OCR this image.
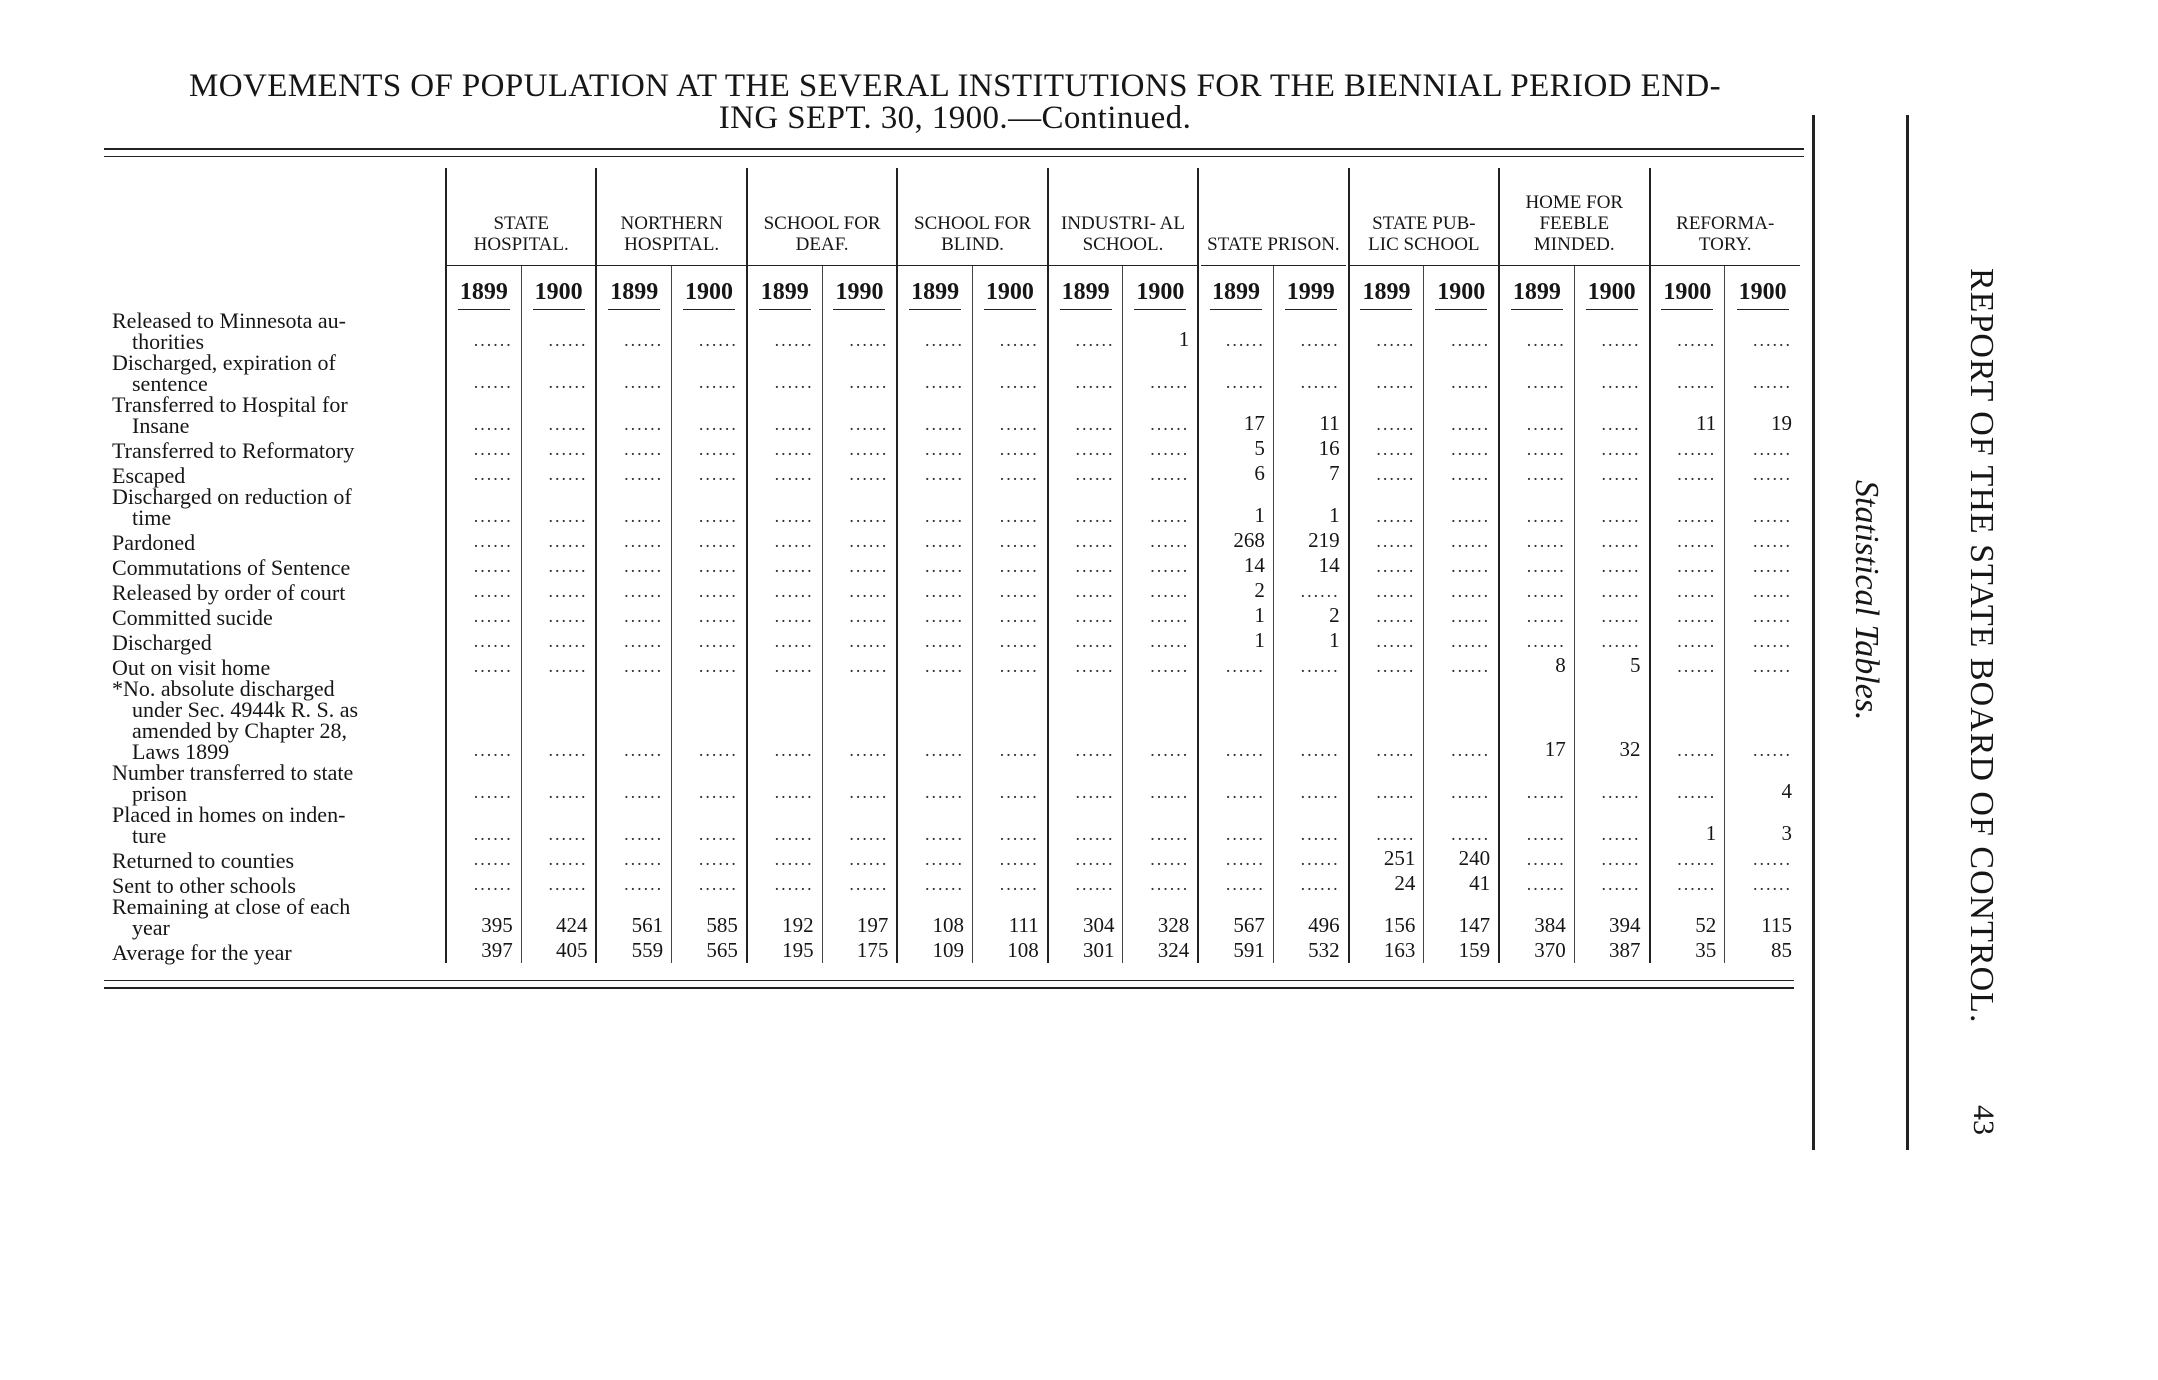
MOVEMENTS OF POPULATION AT THE SEVERAL INSTITUTIONS FOR THE BIENNIAL PERIOD END-
ING SEPT. 30, 1900.—Continued.
	STATE HOSPITAL.		NORTHERN HOSPITAL.		SCHOOL FOR DEAF.		SCHOOL FOR BLIND.		INDUSTRI- AL SCHOOL.		STATE PRISON.		STATE PUB- LIC SCHOOL		HOME FOR FEEBLE MINDED.		REFORMA- TORY.	
	1899	1900	1899	1900	1899	1990	1899	1900	1899	1900	1899	1999	1899	1900	1899	1900	1900	1900

Released to Minnesota au-
thorities	......	......	......	......	......	......	......	......	......	1	......	......	......	......	......	......	......	......

Discharged, expiration of
sentence	......	......	......	......	......	......	......	......	......	......	......	......	......	......	......	......	......	......

Transferred to Hospital for
Insane	......	......	......	......	......	......	......	......	......	......	17	11	......	......	......	......	11	19

Transferred to Reformatory	......	......	......	......	......	......	......	......	......	......	5	16	......	......	......	......	......	......

Escaped	......	......	......	......	......	......	......	......	......	......	6	7	......	......	......	......	......	......

Discharged on reduction of
time	......	......	......	......	......	......	......	......	......	......	1	1	......	......	......	......	......	......

Pardoned	......	......	......	......	......	......	......	......	......	......	268	219	......	......	......	......	......	......

Commutations of Sentence	......	......	......	......	......	......	......	......	......	......	14	14	......	......	......	......	......	......

Released by order of court	......	......	......	......	......	......	......	......	......	......	2	......	......	......	......	......	......	......

Committed sucide	......	......	......	......	......	......	......	......	......	......	1	2	......	......	......	......	......	......

Discharged	......	......	......	......	......	......	......	......	......	......	1	1	......	......	......	......	......	......

Out on visit home	......	......	......	......	......	......	......	......	......	......	......	......	......	......	8	5	......	......

*No. absolute discharged
under Sec. 4944k R. S. as
amended by Chapter 28,
Laws 1899	......	......	......	......	......	......	......	......	......	......	......	......	......	......	17	32	......	......

Number transferred to state
prison	......	......	......	......	......	......	......	......	......	......	......	......	......	......	......	......	......	4

Placed in homes on inden-
ture	......	......	......	......	......	......	......	......	......	......	......	......	......	......	......	......	1	3

Returned to counties	......	......	......	......	......	......	......	......	......	......	......	......	251	240	......	......	......	......

Sent to other schools	......	......	......	......	......	......	......	......	......	......	......	......	24	41	......	......	......	......

Remaining at close of each
year	395	424	561	585	192	197	108	111	304	328	567	496	156	147	384	394	52	115

Average for the year	397	405	559	565	195	175	109	108	301	324	591	532	163	159	370	387	35	85
Statistical Tables. REPORT OF THE STATE BOARD OF CONTROL.
43
